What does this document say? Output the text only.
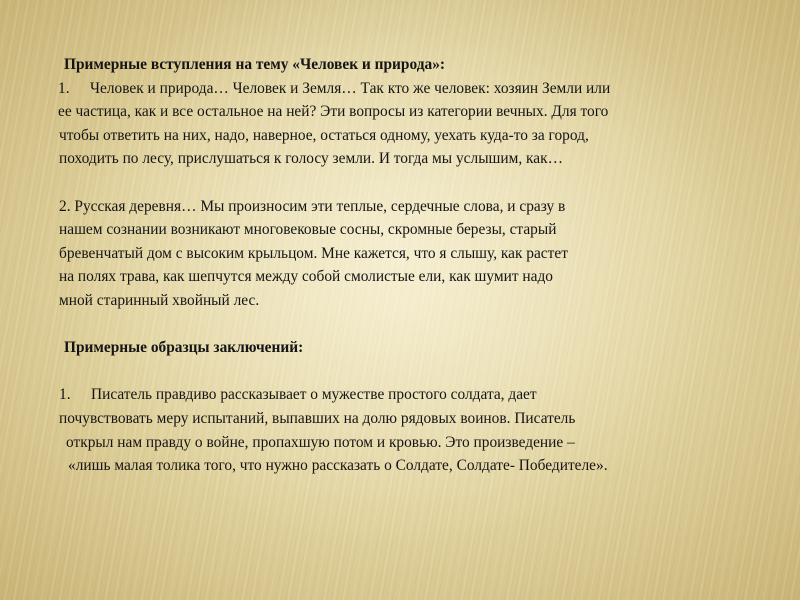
Примерные вступления на тему «Человек и природа»:
1. Человек и природа… Человек и Земля… Так кто же человек: хозяин Земли или
ее частица, как и все остальное на ней? Эти вопросы из категории вечных. Для того
чтобы ответить на них, надо, наверное, остаться одному, уехать куда-то за город,
походить по лесу, прислушаться к голосу земли. И тогда мы услышим, как…
2. Русская деревня… Мы произносим эти теплые, сердечные слова, и сразу в
нашем сознании возникают многовековые сосны, скромные березы, старый
бревенчатый дом с высоким крыльцом. Мне кажется, что я слышу, как растет
на полях трава, как шепчутся между собой смолистые ели, как шумит надо
мной старинный хвойный лес.
Примерные образцы заключений:
1. Писатель правдиво рассказывает о мужестве простого солдата, дает
почувствовать меру испытаний, выпавших на долю рядовых воинов. Писатель
открыл нам правду о войне, пропахшую потом и кровью. Это произведение –
«лишь малая толика того, что нужно рассказать о Солдате, Солдате- Победителе».
